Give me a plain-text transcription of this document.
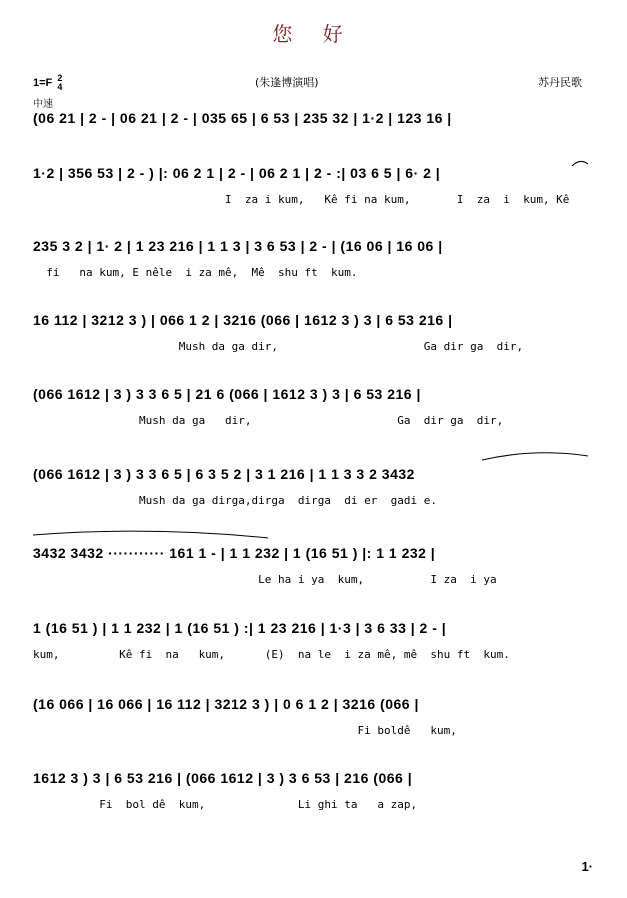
您 好
1=F 2
4
中速
(朱逢博演唱)	苏丹民歌
(06 21 | 2 - | 06 21 | 2 - | 035 65 | 6 53 | 235 32 | 1·2 | 123 16 |
1·2 | 356 53 | 2 - ) |: 06 2 1 | 2 - | 06 2 1 | 2 - :| 03 6 5 | 6· 2 |
I  za i kum,   Kê fi na kum,       I  za  i  kum, Kê
235 3 2 | 1· 2 | 1 23 216 | 1 1 3 | 3 6 53 | 2 - | (16 06 | 16 06 |
fi   na kum, E nêle  i za mê,  Mê  shu ft  kum.
16 112 | 3212 3 ) | 066 1 2 | 3216 (066 | 1612 3 ) 3 | 6 53 216 |
Mush da ga dir,                      Ga dir ga  dir,
(066 1612 | 3 ) 3 3 6 5 | 21 6 (066 | 1612 3 ) 3 | 6 53 216 |
Mush da ga   dir,                      Ga  dir ga  dir,
(066 1612 | 3 ) 3 3 6 5 | 6 3 5 2 | 3 1 216 | 1 1 3 3 2 3432
Mush da ga dirga,dirga  dirga  di er  gadi e.
3432 3432 ··········· 161 1 - | 1 1 232 | 1 (16 51 ) |: 1 1 232 |
Le ha i ya  kum,          I za  i ya
1 (16 51 ) | 1 1 232 | 1 (16 51 ) :| 1 23 216 | 1·3 | 3 6 33 | 2 - |
kum,         Kê fi  na   kum,      (E)  na le  i za mê, mê  shu ft  kum.
(16 066 | 16 066 | 16 112 | 3212 3 ) | 0 6 1 2 | 3216 (066 |
Fi boldê   kum,
1612 3 ) 3 | 6 53 216 | (066 1612 | 3 ) 3 6 53 | 216 (066 |
Fi  bol dê  kum,              Li ghi ta   a zap,
1·
